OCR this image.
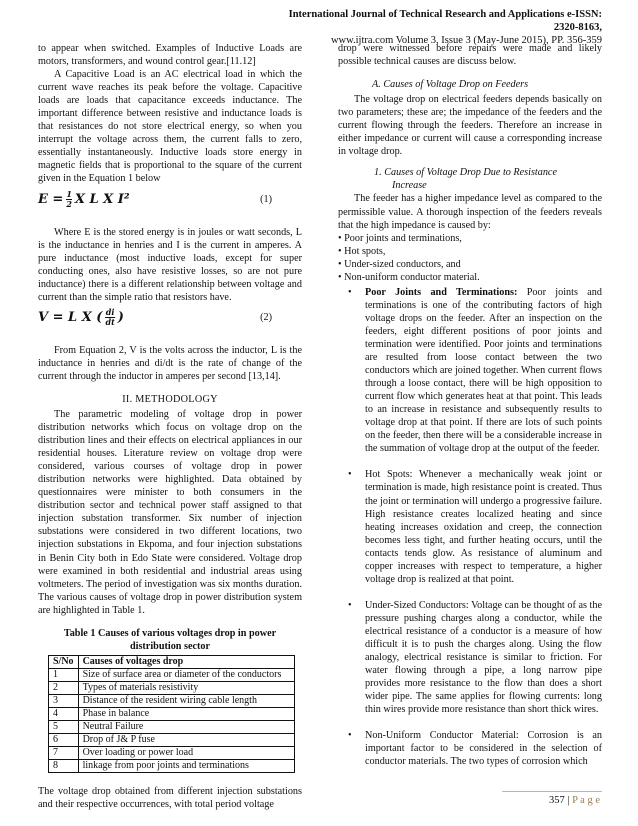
International Journal of Technical Research and Applications e-ISSN: 2320-8163,
www.ijtra.com Volume 3, Issue 3 (May-June 2015), PP. 356-359

to appear when switched. Examples of Inductive Loads are motors, transformers, and wound control gear.[11.12]

A Capacitive Load is an AC electrical load in which the current wave reaches its peak before the voltage. Capacitive loads are loads that capacitance exceeds inductance. The important difference between resistive and inductance loads is that resistances do not store electrical energy, so when you interrupt the voltage across them, the current falls to zero, essentially instantaneously. Inductive loads store energy in magnetic fields that is proportional to the square of the current given in the Equation 1 below

$E = \frac{1}{2}$ X L X I²	(1)

Where E is the stored energy is in joules or watt seconds, L is the inductance in henries and I is the current in amperes. A pure inductance (most inductive loads, except for super conducting ones, also have resistive losses, so are not pure inductance) there is a different relationship between voltage and current than the simple ratio that resistors have.

V = L X ( $\frac{di}{dt}$ )	(2)

From Equation 2, V is the volts across the inductor, L is the inductance in henries and di/dt is the rate of change of the current through the inductor in amperes per second [13,14].

II. METHODOLOGY

The parametric modeling of voltage drop in power distribution networks which focus on voltage drop on the distribution lines and their effects on electrical appliances in our residential houses. Literature review on voltage drop were considered, various courses of voltage drop in power distribution networks were highlighted. Data obtained by questionnaires were minister to both consumers in the distribution sector and technical power staff assigned to that injection substation transformer. Six number of injection substations were considered in two different locations, two injection substations in Ekpoma, and four injection substations in Benin City both in Edo State were considered. Voltage drop were examined in both residential and industrial areas using voltmeters. The period of investigation was six months duration. The various causes of voltage drop in power distribution system are highlighted in Table 1.

Table 1 Causes of various voltages drop in power distribution sector
S/No	Causes of voltages drop
1	Size of surface area or diameter of the conductors
2	Types of materials resistivity
3	Distance of the resident wiring cable length
4	Phase in balance
5	Neutral Failure
6	Drop of J& P fuse
7	Over loading or power load
8	linkage from poor joints and terminations

The voltage drop obtained from different injection substations and their respective occurrences, with total period voltage

drop were witnessed before repairs were made and likely possible technical causes are discuss below.

A. Causes of Voltage Drop on Feeders

The voltage drop on electrical feeders depends basically on two parameters; these are; the impedance of the feeders and the current flowing through the feeders. Therefore an increase in either impedance or current will cause a corresponding increase in voltage drop.

1. Causes of Voltage Drop Due to Resistance
Increase

The feeder has a higher impedance level as compared to the permissible value. A thorough inspection of the feeders reveals that the high impedance is caused by:

• Poor joints and terminations,
• Hot spots,
• Under-sized conductors, and
• Non-uniform conductor material.
• Poor Joints and Terminations: Poor joints and terminations is one of the contributing factors of high voltage drops on the feeder. After an inspection on the feeders, eight different positions of poor joints and termination were identified. Poor joints and terminations are resulted from loose contact between the two conductors which are joined together. When current flows through a loose contact, there will be high opposition to current flow which generates heat at that point. This leads to an increase in resistance and subsequently results to voltage drop at that point. If there are lots of such points on the feeder, then there will be a considerable increase in the summation of voltage drop at the output of the feeder.
• Hot Spots: Whenever a mechanically weak joint or termination is made, high resistance point is created. Thus the joint or termination will undergo a progressive failure. High resistance creates localized heating and since heating increases oxidation and creep, the connection becomes less tight, and further heating occurs, until the contacts tends glow. As resistance of aluminum and copper increases with respect to temperature, a higher voltage drop is realized at that point.
• Under-Sized Conductors: Voltage can be thought of as the pressure pushing charges along a conductor, while the electrical resistance of a conductor is a measure of how difficult it is to push the charges along. Using the flow analogy, electrical resistance is similar to friction. For water flowing through a pipe, a long narrow pipe provides more resistance to the flow than does a short wider pipe. The same applies for flowing currents: long thin wires provide more resistance than short thick wires.
• Non-Uniform Conductor Material: Corrosion is an important factor to be considered in the selection of conductor materials. The two types of corrosion which
357 | P a g e
